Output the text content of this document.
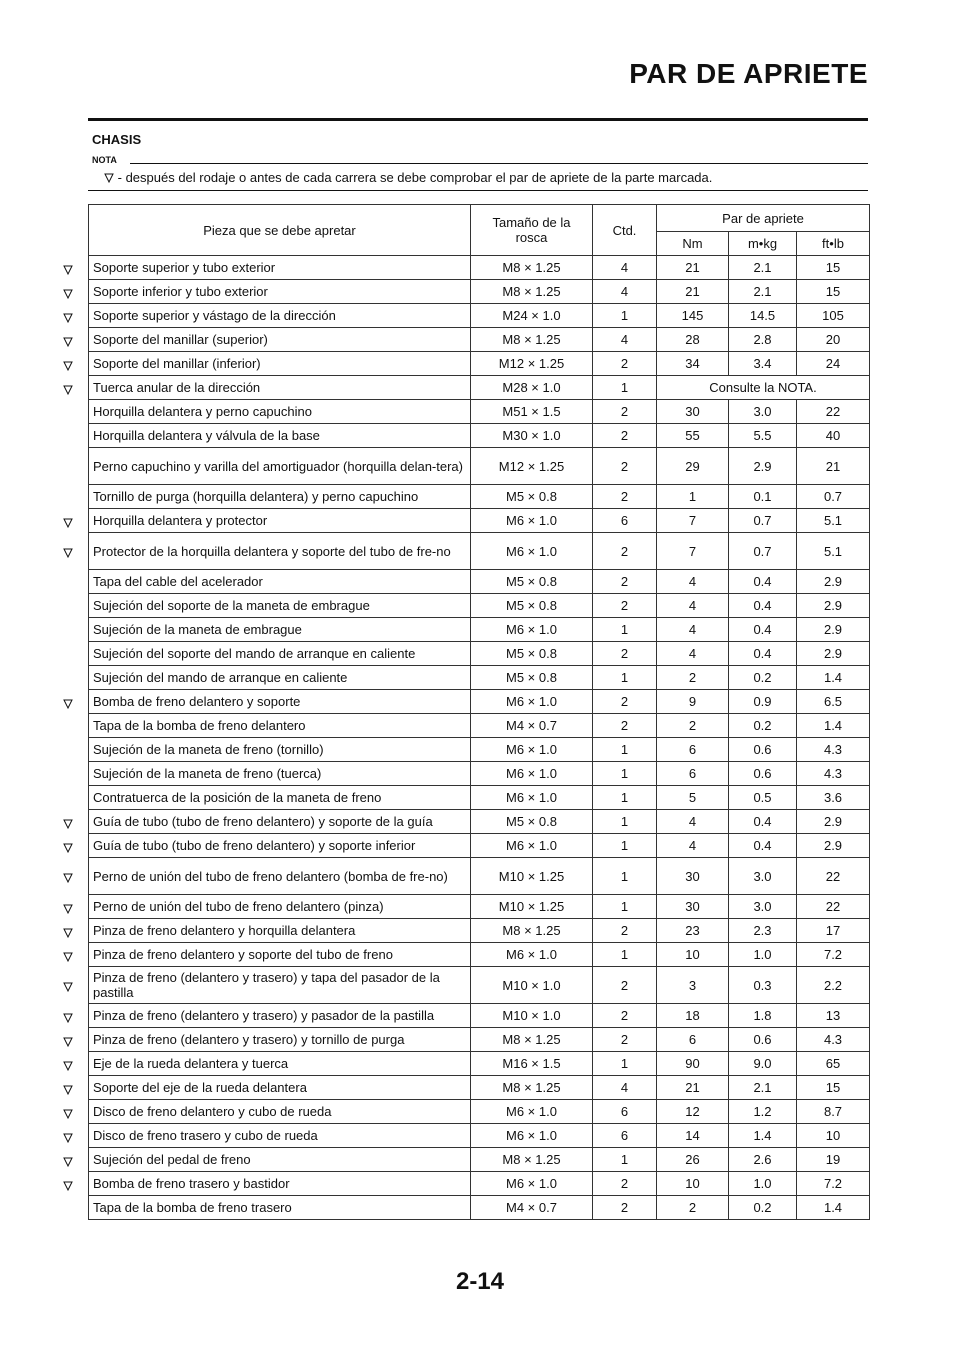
PAR DE APRIETE
CHASIS
NOTA
- después del rodaje o antes de cada carrera se debe comprobar el par de apriete de la parte marcada.
Pieza que se debe apretar	Tamaño de la rosca	Ctd.	Par de apriete		
			Nm	m•kg	ft•lb

Soporte superior y tubo exterior	M8 × 1.25	4	21	2.1	15

Soporte inferior y tubo exterior	M8 × 1.25	4	21	2.1	15

Soporte superior y vástago de la dirección	M24 × 1.0	1	145	14.5	105

Soporte del manillar (superior)	M8 × 1.25	4	28	2.8	20

Soporte del manillar (inferior)	M12 × 1.25	2	34	3.4	24

Tuerca anular de la dirección	M28 × 1.0	1	Consulte la NOTA.		
Horquilla delantera y perno capuchino	M51 × 1.5	2	30	3.0	22
Horquilla delantera y válvula de la base	M30 × 1.0	2	55	5.5	40
Perno capuchino y varilla del amortiguador (horquilla delan-tera)	M12 × 1.25	2	29	2.9	21
Tornillo de purga (horquilla delantera) y perno capuchino	M5 × 0.8	2	1	0.1	0.7

Horquilla delantera y protector	M6 × 1.0	6	7	0.7	5.1

Protector de la horquilla delantera y soporte del tubo de fre-no	M6 × 1.0	2	7	0.7	5.1
Tapa del cable del acelerador	M5 × 0.8	2	4	0.4	2.9
Sujeción del soporte de la maneta de embrague	M5 × 0.8	2	4	0.4	2.9
Sujeción de la maneta de embrague	M6 × 1.0	1	4	0.4	2.9
Sujeción del soporte del mando de arranque en caliente	M5 × 0.8	2	4	0.4	2.9
Sujeción del mando de arranque en caliente	M5 × 0.8	1	2	0.2	1.4

Bomba de freno delantero y soporte	M6 × 1.0	2	9	0.9	6.5
Tapa de la bomba de freno delantero	M4 × 0.7	2	2	0.2	1.4
Sujeción de la maneta de freno (tornillo)	M6 × 1.0	1	6	0.6	4.3
Sujeción de la maneta de freno (tuerca)	M6 × 1.0	1	6	0.6	4.3
Contratuerca de la posición de la maneta de freno	M6 × 1.0	1	5	0.5	3.6

Guía de tubo (tubo de freno delantero) y soporte de la guía	M5 × 0.8	1	4	0.4	2.9

Guía de tubo (tubo de freno delantero) y soporte inferior	M6 × 1.0	1	4	0.4	2.9

Perno de unión del tubo de freno delantero (bomba de fre-no)	M10 × 1.25	1	30	3.0	22

Perno de unión del tubo de freno delantero (pinza)	M10 × 1.25	1	30	3.0	22

Pinza de freno delantero y horquilla delantera	M8 × 1.25	2	23	2.3	17

Pinza de freno delantero y soporte del tubo de freno	M6 × 1.0	1	10	1.0	7.2

Pinza de freno (delantero y trasero) y tapa del pasador de la pastilla	M10 × 1.0	2	3	0.3	2.2

Pinza de freno (delantero y trasero) y pasador de la pastilla	M10 × 1.0	2	18	1.8	13

Pinza de freno (delantero y trasero) y tornillo de purga	M8 × 1.25	2	6	0.6	4.3

Eje de la rueda delantera y tuerca	M16 × 1.5	1	90	9.0	65

Soporte del eje de la rueda delantera	M8 × 1.25	4	21	2.1	15

Disco de freno delantero y cubo de rueda	M6 × 1.0	6	12	1.2	8.7

Disco de freno trasero y cubo de rueda	M6 × 1.0	6	14	1.4	10

Sujeción del pedal de freno	M8 × 1.25	1	26	2.6	19

Bomba de freno trasero y bastidor	M6 × 1.0	2	10	1.0	7.2
Tapa de la bomba de freno trasero	M4 × 0.7	2	2	0.2	1.4
2-14
